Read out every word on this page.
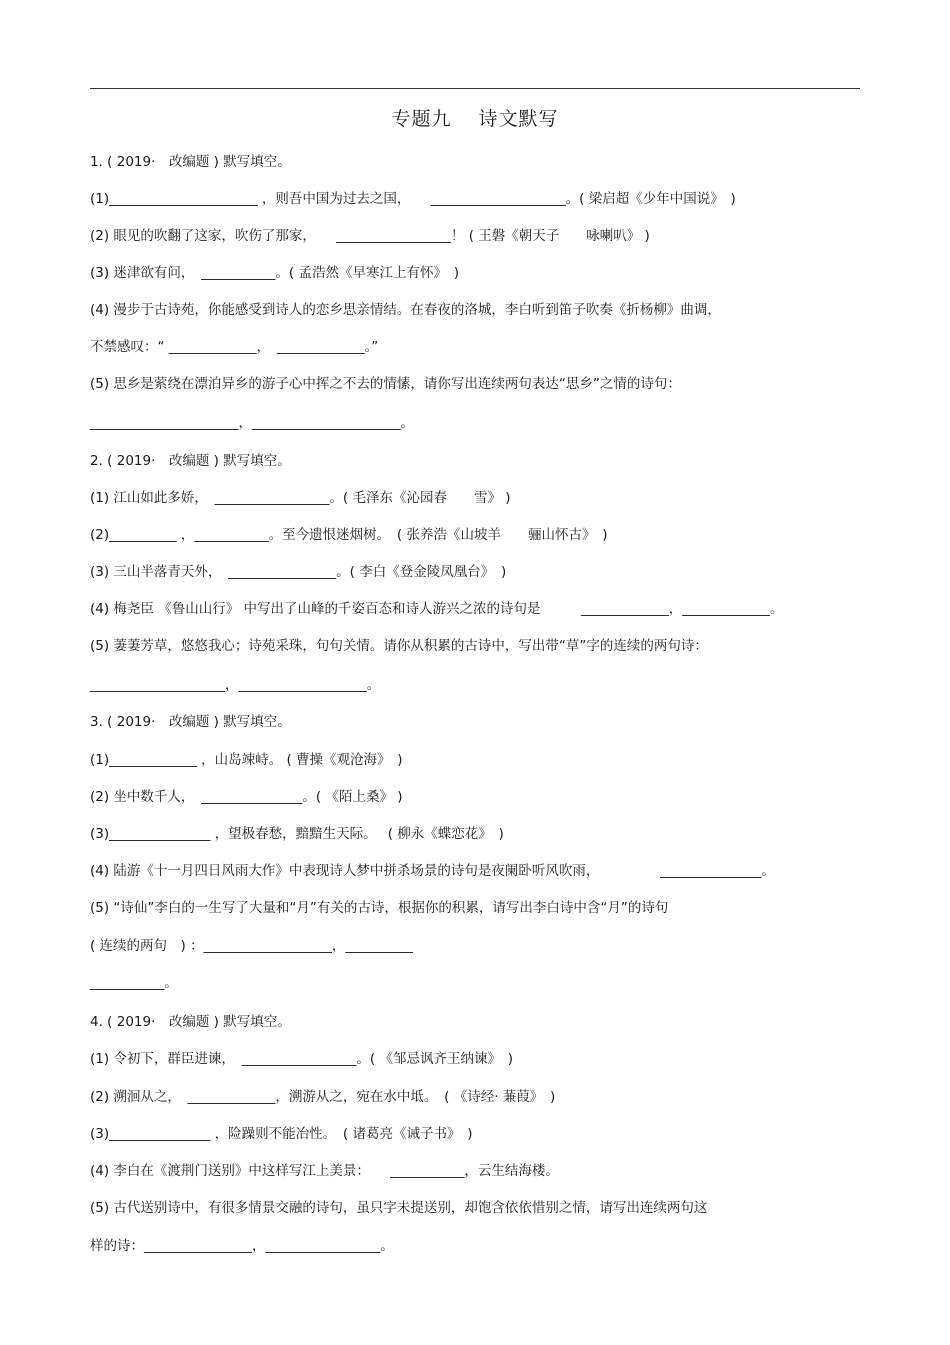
专题九　 诗文默写
1. ( 2019·　改编题 ) 默写填空。
(1)______________________ ，则吾中国为过去之国，　　____________________。( 梁启超《少年中国说》　)
(2) 眼见的吹翻了这家，吹伤了那家，　　_________________！ ( 王磐《朝天子　　咏喇叭》 )
(3) 迷津欲有问，　___________。( 孟浩然《早寒江上有怀》　)
(4) 漫步于古诗苑，你能感受到诗人的恋乡思亲情结。在春夜的洛城，李白听到笛子吹奏《折杨柳》曲调，
不禁感叹：“ _____________，　_____________。”
(5) 思乡是萦绕在漂泊异乡的游子心中挥之不去的情愫，请你写出连续两句表达“思乡”之情的诗句：
______________________，______________________。
2. ( 2019·　改编题 ) 默写填空。
(1) 江山如此多娇，　_________________。( 毛泽东《沁园春　　雪》 )
(2)__________ ，___________。至今遗恨迷烟树。　( 张养浩《山坡羊　　骊山怀古》　)
(3) 三山半落青天外，　________________。( 李白《登金陵凤凰台》　)
(4) 梅尧臣 《鲁山山行》 中写出了山峰的千姿百态和诗人游兴之浓的诗句是　　　_____________，_____________。
(5) 萋萋芳草，悠悠我心；诗苑采珠，句句关情。请你从积累的古诗中，写出带“草”字的连续的两句诗：
____________________，___________________。
3. ( 2019·　改编题 ) 默写填空。
(1)_____________ ，山岛竦峙。 ( 曹操《观沧海》　)
(2) 坐中数千人，　_______________。( 《陌上桑》 )
(3)_______________ ，望极春愁，黯黯生天际。　 ( 柳永《蝶恋花》　)
(4) 陆游《十一月四日风雨大作》中表现诗人梦中拼杀场景的诗句是夜阑卧听风吹雨，　　　　　_______________。
(5) “诗仙”李白的一生写了大量和“月”有关的古诗，根据你的积累，请写出李白诗中含“月”的诗句
( 连续的两句　) ：___________________，__________
___________。
4. ( 2019·　改编题 ) 默写填空。
(1) 令初下，群臣进谏，　_________________。( 《邹忌讽齐王纳谏》　)
(2) 溯洄从之，　_____________，溯游从之，宛在水中坻。　( 《诗经· 蒹葭》　)
(3)_______________ ，险躁则不能冶性。　( 诸葛亮《诫子书》　)
(4) 李白在《渡荆门送别》中这样写江上美景：　　___________，云生结海楼。
(5) 古代送别诗中，有很多情景交融的诗句，虽只字未提送别，却饱含依依惜别之情，请写出连续两句这
样的诗：________________，_________________。
